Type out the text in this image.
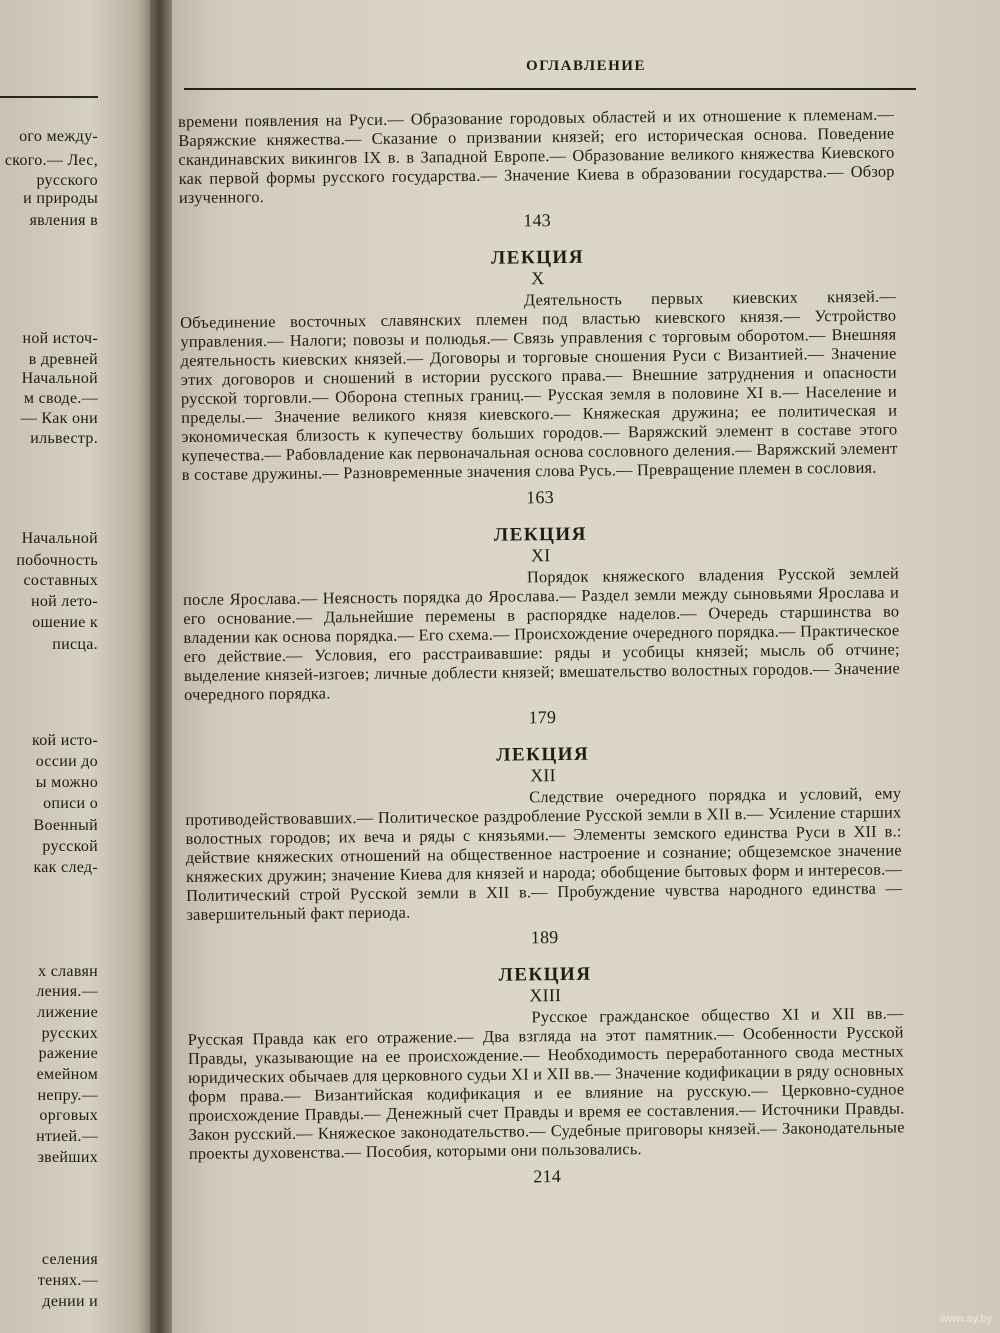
ого между-
ского.— Лес,
русского
и природы
явления в
ной источ-
в древней
Начальной
м своде.—
— Как они
ильвестр.
Начальной
побочность
составных
ной лето-
ошение к
писца.
кой исто-
оссии до
ы можно
описи о
Военный
русской
как след-
х славян
ления.—
лижение
русских
ражение
емейном
непру.—
орговых
нтией.—
звейших
селения
тенях.—
дении и
ОГЛАВЛЕНИЕ

времени появления на Руси.— Образование городовых областей и их отношение к племенам.— Варяжские княжества.— Сказание о призвании князей; его историческая основа. Поведение скандинавских викингов IX в. в Западной Европе.— Образование великого княжества Киевского как первой формы русского государства.— Значение Киева в образовании государства.— Обзор изученного.

143
ЛЕКЦИЯ
X

Деятельность первых киевских князей.— Объединение восточных славянских племен под властью киевского князя.— Устройство управления.— Налоги; повозы и полюдья.— Связь управления с торговым оборотом.— Внешняя деятельность киевских князей.— Договоры и торговые сношения Руси с Византией.— Значение этих договоров и сношений в истории русского права.— Внешние затруднения и опасности русской торговли.— Оборона степных границ.— Русская земля в половине XI в.— Население и пределы.— Значение великого князя киевского.— Княжеская дружина; ее политическая и экономическая близость к купечеству больших городов.— Варяжский элемент в составе этого купечества.— Рабовладение как первоначальная основа сословного деления.— Варяжский элемент в составе дружины.— Разновременные значения слова Русь.— Превращение племен в сословия.

163
ЛЕКЦИЯ
XI

Порядок княжеского владения Русской землей после Ярослава.— Неясность порядка до Ярослава.— Раздел земли между сыновьями Ярослава и его основание.— Дальнейшие перемены в распорядке наделов.— Очередь старшинства во владении как основа порядка.— Его схема.— Происхождение очередного порядка.— Практическое его действие.— Условия, его расстраивавшие: ряды и усобицы князей; мысль об отчине; выделение князей-изгоев; личные доблести князей; вмешательство волостных городов.— Значение очередного порядка.

179
ЛЕКЦИЯ
XII

Следствие очередного порядка и условий, ему противодействовавших.— Политическое раздробление Русской земли в XII в.— Усиление старших волостных городов; их веча и ряды с князьями.— Элементы земского единства Руси в XII в.: действие княжеских отношений на общественное настроение и сознание; общеземское значение княжеских дружин; значение Киева для князей и народа; обобщение бытовых форм и интересов.— Политический строй Русской земли в XII в.— Пробуждение чувства народного единства — завершительный факт периода.

189
ЛЕКЦИЯ
XIII

Русское гражданское общество XI и XII вв.— Русская Правда как его отражение.— Два взгляда на этот памятник.— Особенности Русской Правды, указывающие на ее происхождение.— Необходимость переработанного свода местных юридических обычаев для церковного судьи XI и XII вв.— Значение кодификации в ряду основных форм права.— Византийская кодификация и ее влияние на русскую.— Церковно-судное происхождение Правды.— Денежный счет Правды и время ее составления.— Источники Правды. Закон русский.— Княжеское законодательство.— Судебные приговоры князей.— Законодательные проекты духовенства.— Пособия, которыми они пользовались.

214
www.ay.by
